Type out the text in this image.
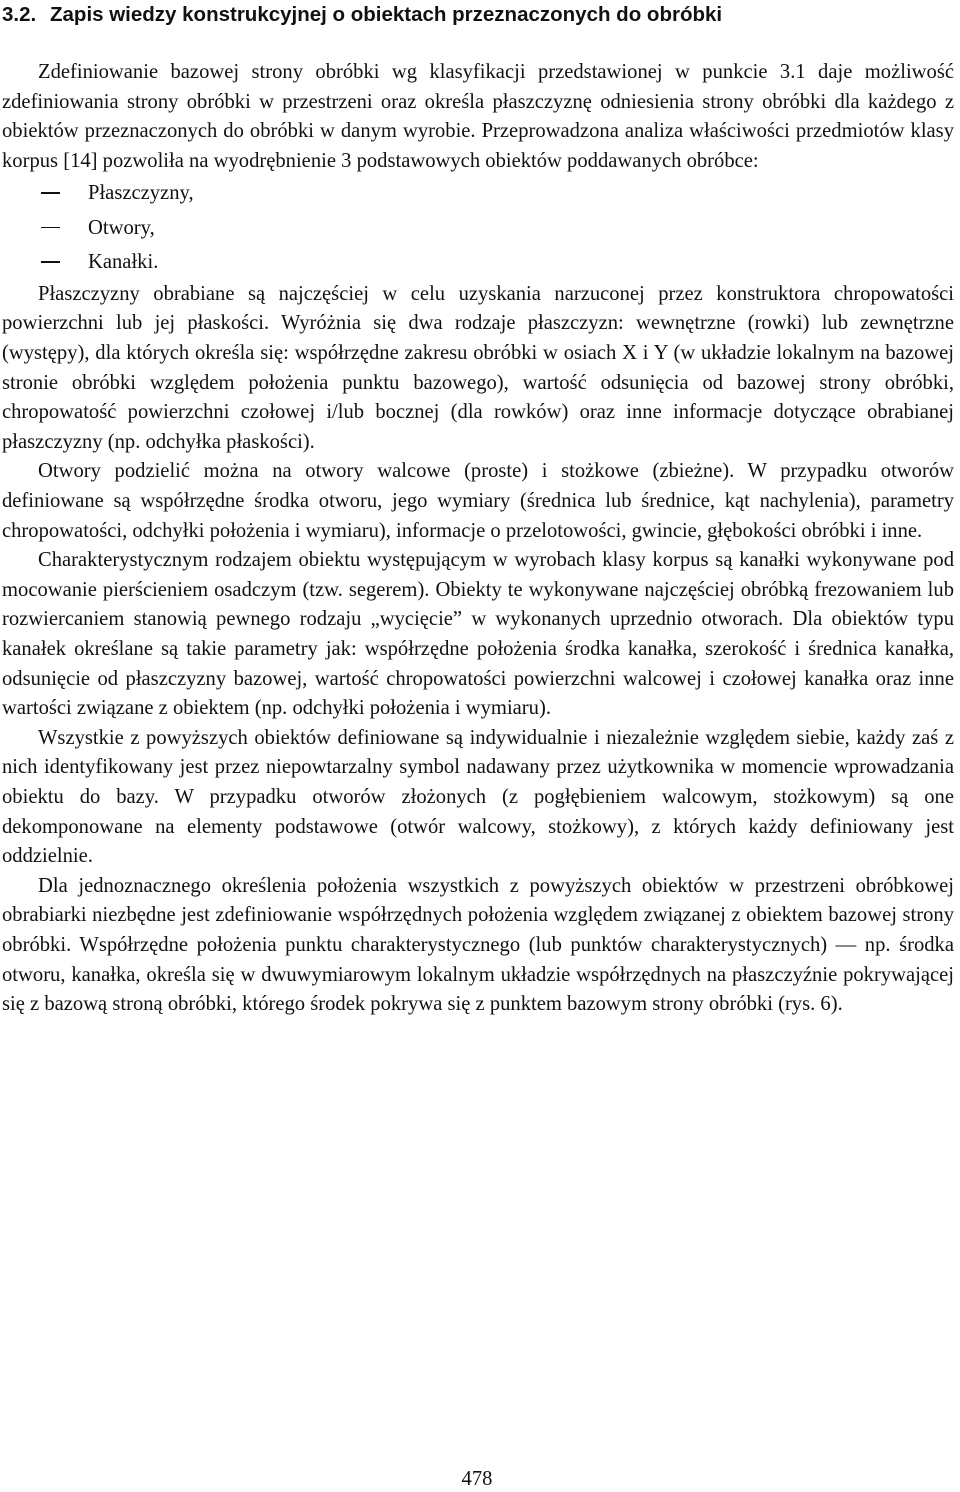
3.2. Zapis wiedzy konstrukcyjnej o obiektach przeznaczonych do obróbki

Zdefiniowanie bazowej strony obróbki wg klasyfikacji przedstawionej w punkcie 3.1 daje możliwość zdefiniowania strony obróbki w przestrzeni oraz określa płaszczyznę odniesienia strony obróbki dla każdego z obiektów przeznaczonych do obróbki w danym wyrobie. Przeprowadzona analiza właściwości przedmiotów klasy korpus [14] pozwoliła na wyodrębnienie 3 podstawowych obiektów poddawanych obróbce:

Płaszczyzny,
Otwory,
Kanałki.

Płaszczyzny obrabiane są najczęściej w celu uzyskania narzuconej przez konstruktora chropowatości powierzchni lub jej płaskości. Wyróżnia się dwa rodzaje płaszczyzn: wewnętrzne (rowki) lub zewnętrzne (występy), dla których określa się: współrzędne zakresu obróbki w osiach X i Y (w układzie lokalnym na bazowej stronie obróbki względem położenia punktu bazowego), wartość odsunięcia od bazowej strony obróbki, chropowatość powierzchni czołowej i/lub bocznej (dla rowków) oraz inne informacje dotyczące obrabianej płaszczyzny (np. odchyłka płaskości).

Otwory podzielić można na otwory walcowe (proste) i stożkowe (zbieżne). W przypadku otworów definiowane są współrzędne środka otworu, jego wymiary (średnica lub średnice, kąt nachylenia), parametry chropowatości, odchyłki położenia i wymiaru), informacje o przelotowości, gwincie, głębokości obróbki i inne.

Charakterystycznym rodzajem obiektu występującym w wyrobach klasy korpus są kanałki wykonywane pod mocowanie pierścieniem osadczym (tzw. segerem). Obiekty te wykonywane najczęściej obróbką frezowaniem lub rozwiercaniem stanowią pewnego rodzaju „wycięcie” w wykonanych uprzednio otworach. Dla obiektów typu kanałek określane są takie parametry jak: współrzędne położenia środka kanałka, szerokość i średnica kanałka, odsunięcie od płaszczyzny bazowej, wartość chropowatości powierzchni walcowej i czołowej kanałka oraz inne wartości związane z obiektem (np. odchyłki położenia i wymiaru).

Wszystkie z powyższych obiektów definiowane są indywidualnie i niezależnie względem siebie, każdy zaś z nich identyfikowany jest przez niepowtarzalny symbol nadawany przez użytkownika w momencie wprowadzania obiektu do bazy. W przypadku otworów złożonych (z pogłębieniem walcowym, stożkowym) są one dekomponowane na elementy podstawowe (otwór walcowy, stożkowy), z których każdy definiowany jest oddzielnie.

Dla jednoznacznego określenia położenia wszystkich z powyższych obiektów w przestrzeni obróbkowej obrabiarki niezbędne jest zdefiniowanie współrzędnych położenia względem związanej z obiektem bazowej strony obróbki. Współrzędne położenia punktu charakterystycznego (lub punktów charakterystycznych) — np. środka otworu, kanałka, określa się w dwuwymiarowym lokalnym układzie współrzędnych na płaszczyźnie pokrywającej się z bazową stroną obróbki, którego środek pokrywa się z punktem bazowym strony obróbki (rys. 6).

478
